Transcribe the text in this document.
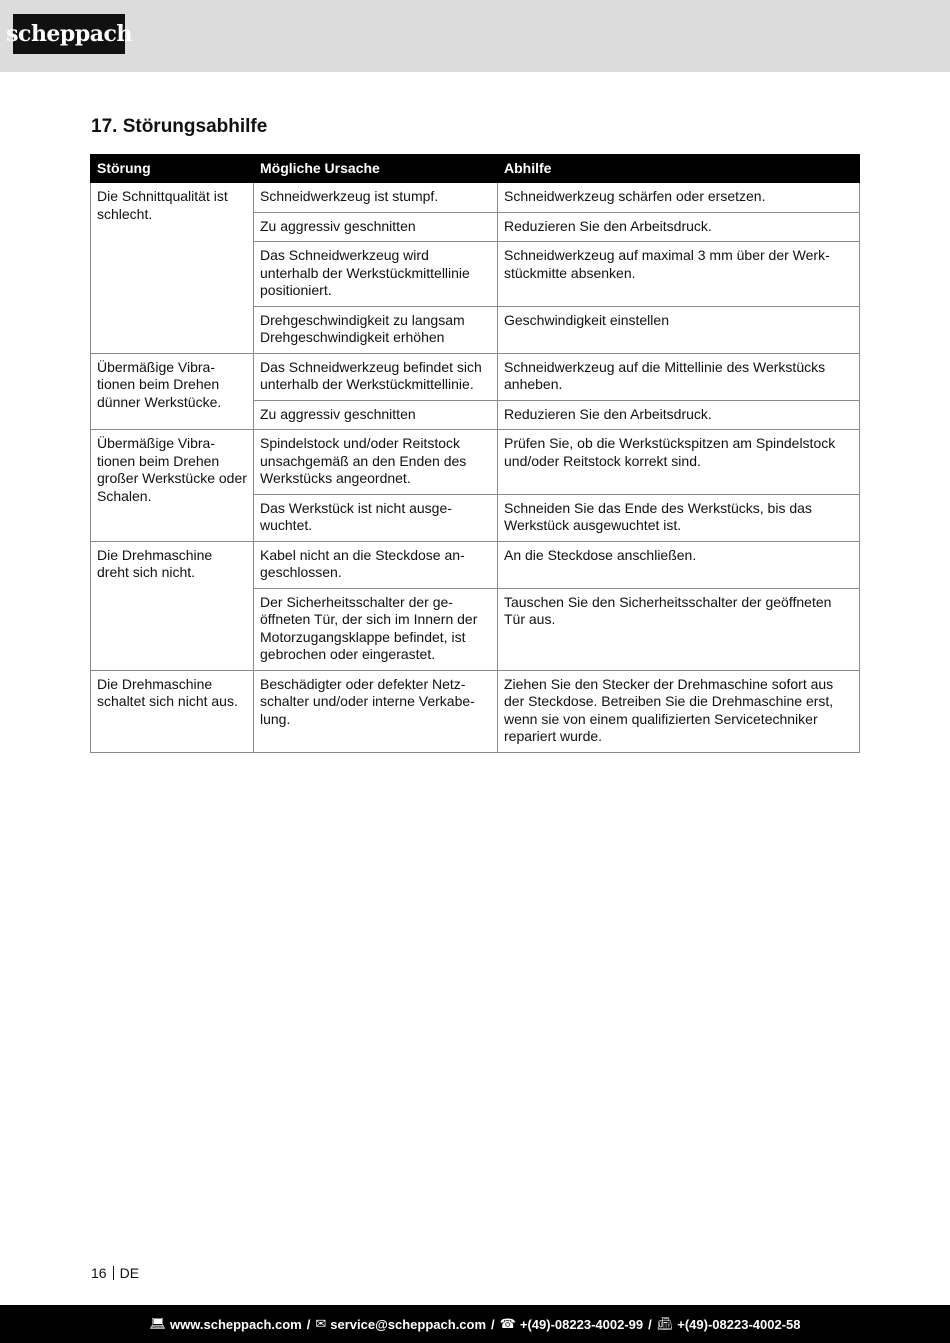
scheppach
17. Störungsabhilfe
Störung	Mögliche Ursache	Abhilfe
Die Schnittqualität ist schlecht.	Schneidwerkzeug ist stumpf.	Schneidwerkzeug schärfen oder ersetzen.
	Zu aggressiv geschnitten	Reduzieren Sie den Arbeitsdruck.
	Das Schneidwerkzeug wird unterhalb der Werkstückmittellinie positioniert.	Schneidwerkzeug auf maximal 3 mm über der Werk-stückmitte absenken.
	Drehgeschwindigkeit zu langsam Drehgeschwindigkeit erhöhen	Geschwindigkeit einstellen
Übermäßige Vibra-tionen beim Drehen dünner Werkstücke.	Das Schneidwerkzeug befindet sich unterhalb der Werkstückmittellinie.	Schneidwerkzeug auf die Mittellinie des Werkstücks anheben.
	Zu aggressiv geschnitten	Reduzieren Sie den Arbeitsdruck.
Übermäßige Vibra-tionen beim Drehen großer Werkstücke oder Schalen.	Spindelstock und/oder Reitstock unsachgemäß an den Enden des Werkstücks angeordnet.	Prüfen Sie, ob die Werkstückspitzen am Spindelstock und/oder Reitstock korrekt sind.
	Das Werkstück ist nicht ausge-wuchtet.	Schneiden Sie das Ende des Werkstücks, bis das Werkstück ausgewuchtet ist.
Die Drehmaschine dreht sich nicht.	Kabel nicht an die Steckdose an-geschlossen.	An die Steckdose anschließen.
	Der Sicherheitsschalter der ge-öffneten Tür, der sich im Innern der Motorzugangsklappe befindet, ist gebrochen oder eingerastet.	Tauschen Sie den Sicherheitsschalter der geöffneten Tür aus.
Die Drehmaschine schaltet sich nicht aus.	Beschädigter oder defekter Netz-schalter und/oder interne Verkabe-lung.	Ziehen Sie den Stecker der Drehmaschine sofort aus der Steckdose. Betreiben Sie die Drehmaschine erst, wenn sie von einem qualifizierten Servicetechniker repariert wurde.
16 DE
💻︎ www.scheppach.com / ✉︎ service@scheppach.com / ☎︎ +(49)-08223-4002-99 / 📠︎ +(49)-08223-4002-58
